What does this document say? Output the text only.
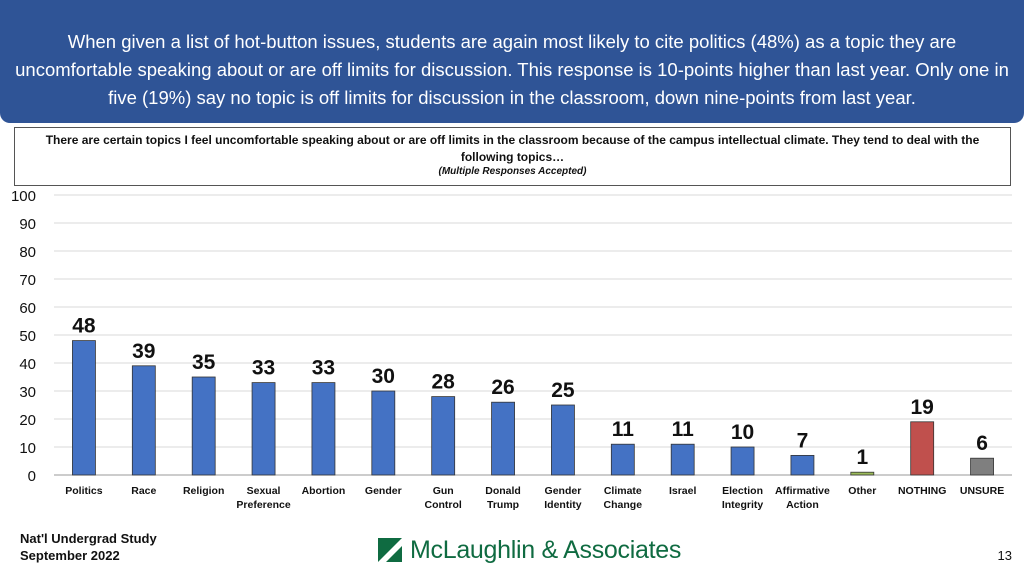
When given a list of hot-button issues, students are again most likely to cite politics (48%) as a topic they are uncomfortable speaking about or are off limits for discussion. This response is 10-points higher than last year. Only one in five (19%) say no topic is off limits for discussion in the classroom, down nine-points from last year.
There are certain topics I feel uncomfortable speaking about or are off limits in the classroom because of the campus intellectual climate. They tend to deal with the following topics…
(Multiple Responses Accepted)
0
10
20
30
40
50
60
70
80
90
100
48
Politics
39
Race
35
Religion
33
Sexual
Preference
33
Abortion
30
Gender
28
Gun
Control
26
Donald
Trump
25
Gender
Identity
11
Climate
Change
11
Israel
10
Election
Integrity
7
Affirmative
Action
1
Other
19
NOTHING
6
UNSURE
Nat'l Undergrad Study
September 2022	McLaughlin & Associates	13
